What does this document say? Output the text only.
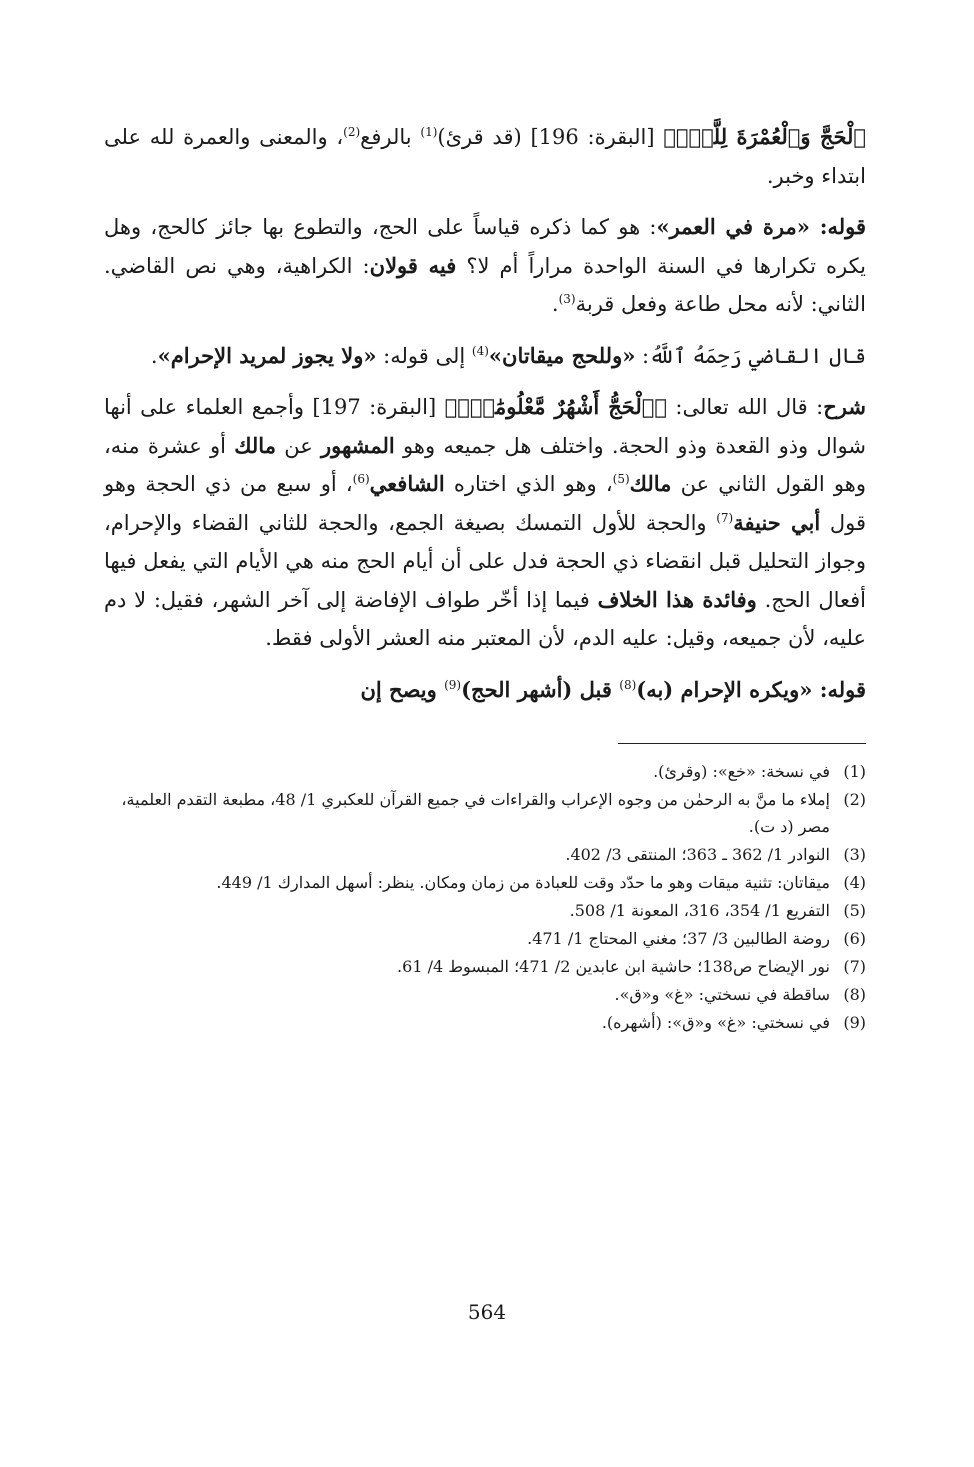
ﭐلْحَجَّ وَٱلْعُمْرَةَ لِلَّهِۚ﴾ [البقرة: 196] (قد قرئ)$^{(1)}$ بالرفع$^{(2)}$، والمعنى والعمرة لله على ابتداء وخبر.

قوله: «مرة في العمر»: هو كما ذكره قياساً على الحج، والتطوع بها جائز كالحج، وهل يكره تكرارها في السنة الواحدة مراراً أم لا؟ فيه قولان: الكراهية، وهي نص القاضي. الثاني: لأنه محل طاعة وفعل قربة$^{(3)}$.

قال القاضي رَحِمَهُ ٱللَّهُ: «وللحج ميقاتان»$^{(4)}$ إلى قوله: «ولا يجوز لمريد الإحرام».

شرح: قال الله تعالى: ﴿ٱلْحَجُّ أَشْهُرٌ مَّعْلُومَٰتٌۚ﴾ [البقرة: 197] وأجمع العلماء على أنها شوال وذو القعدة وذو الحجة. واختلف هل جميعه وهو المشهور عن مالك أو عشرة منه، وهو القول الثاني عن مالك$^{(5)}$، وهو الذي اختاره الشافعي$^{(6)}$، أو سبع من ذي الحجة وهو قول أبي حنيفة$^{(7)}$ والحجة للأول التمسك بصيغة الجمع، والحجة للثاني القضاء والإحرام، وجواز التحليل قبل انقضاء ذي الحجة فدل على أن أيام الحج منه هي الأيام التي يفعل فيها أفعال الحج. وفائدة هذا الخلاف فيما إذا أخّر طواف الإفاضة إلى آخر الشهر، فقيل: لا دم عليه، لأن جميعه، وقيل: عليه الدم، لأن المعتبر منه العشر الأولى فقط.

قوله: «ويكره الإحرام (به)$^{(8)}$ قبل (أشهر الحج)$^{(9)}$ ويصح إن

(1)
في نسخة: «خع»: (وقرئ).
(2)
إملاء ما منَّ به الرحمٰن من وجوه الإعراب والقراءات في جميع القرآن للعكبري 1/ 48، مطبعة التقدم العلمية، مصر (د ت).
(3)
النوادر 1/ 362 ـ 363؛ المنتقى 3/ 402.
(4)
ميقاتان: تثنية ميقات وهو ما حدّد وقت للعبادة من زمان ومكان. ينظر: أسهل المدارك 1/ 449.
(5)
التفريع 1/ 354، 316، المعونة 1/ 508.
(6)
روضة الطالبين 3/ 37؛ مغني المحتاج 1/ 471.
(7)
نور الإيضاح ص138؛ حاشية ابن عابدين 2/ 471؛ المبسوط 4/ 61.
(8)
ساقطة في نسختي: «غ» و«ق».
(9)
في نسختي: «غ» و«ق»: (أشهره).
564
